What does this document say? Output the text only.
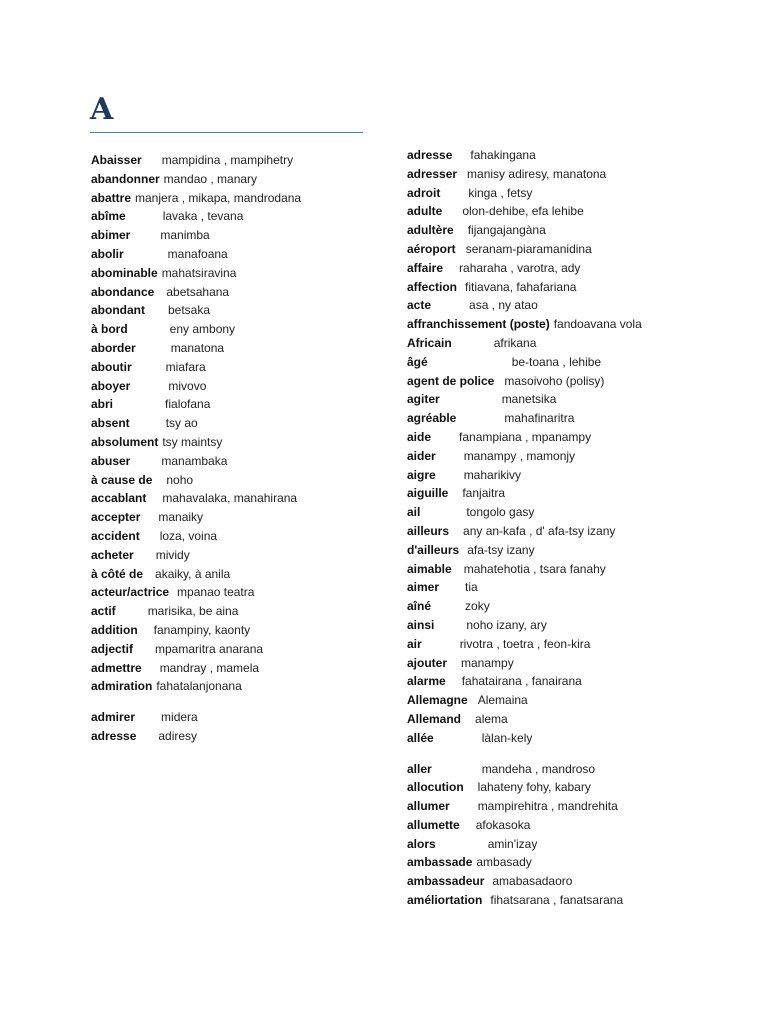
A
Abaisser mampidina , mampihetry
abandonner mandao , manary
abattre manjera , mikapa, mandrodana
abîme	lavaka , tevana
abimer	manimba
abolir	manafoana
abominable mahatsiravina
abondance abetsahana
abondant betsaka
à bord	eny ambony
aborder	manatona
aboutir	miafara
aboyer	mivovo
abri	fialofana
absent	tsy ao
absolument tsy maintsy
abuser	manambaka
à cause de noho
accablant mahavalaka, manahirana
accepter manaiky
accident loza, voina
acheter mividy
à côté de akaiky, à anila
acteur/actrice mpanao teatra
actif	marisika, be aina
addition fanampiny, kaonty
adjectif mpamaritra anarana
admettre mandray , mamela
admiration fahatalanjonana
admirer midera
adresse adiresy
adresse fahakingana
adresser manisy adiresy, manatona
adroit kinga , fetsy
adulte olon-dehibe, efa lehibe
adultère fijangajangàna
aéroport seranam-piaramanidina
affaire raharaha , varotra, ady
affection fitiavana, fahafariana
acte	asa , ny atao
affranchissement (poste) fandoavana vola
Africain	afrikana
âgé	be-toana , lehibe
agent de police masoivoho (polisy)
agiter	manetsika
agréable	mahafinaritra
aide fanampiana , mpanampy
aider manampy , mamonjy
aigre maharikivy
aiguille fanjaitra
ail	tongolo gasy
ailleurs any an-kafa , d' afa-tsy izany
d'ailleurs afa-tsy izany
aimable mahatehotia , tsara fanahy
aimer tia
aîné	zoky
ainsi	noho izany, ary
air	rivotra , toetra , feon-kira
ajouter manampy
alarme fahatairana , fanairana
Allemagne Alemaina
Allemand alema
allée	làlan-kely
aller	mandeha , mandroso
allocution lahateny fohy, kabary
allumer mampirehitra , mandrehita
allumette afokasoka
alors	amin'izay
ambassade ambasady
ambassadeur amabasadaoro
améliortation fihatsarana , fanatsarana
